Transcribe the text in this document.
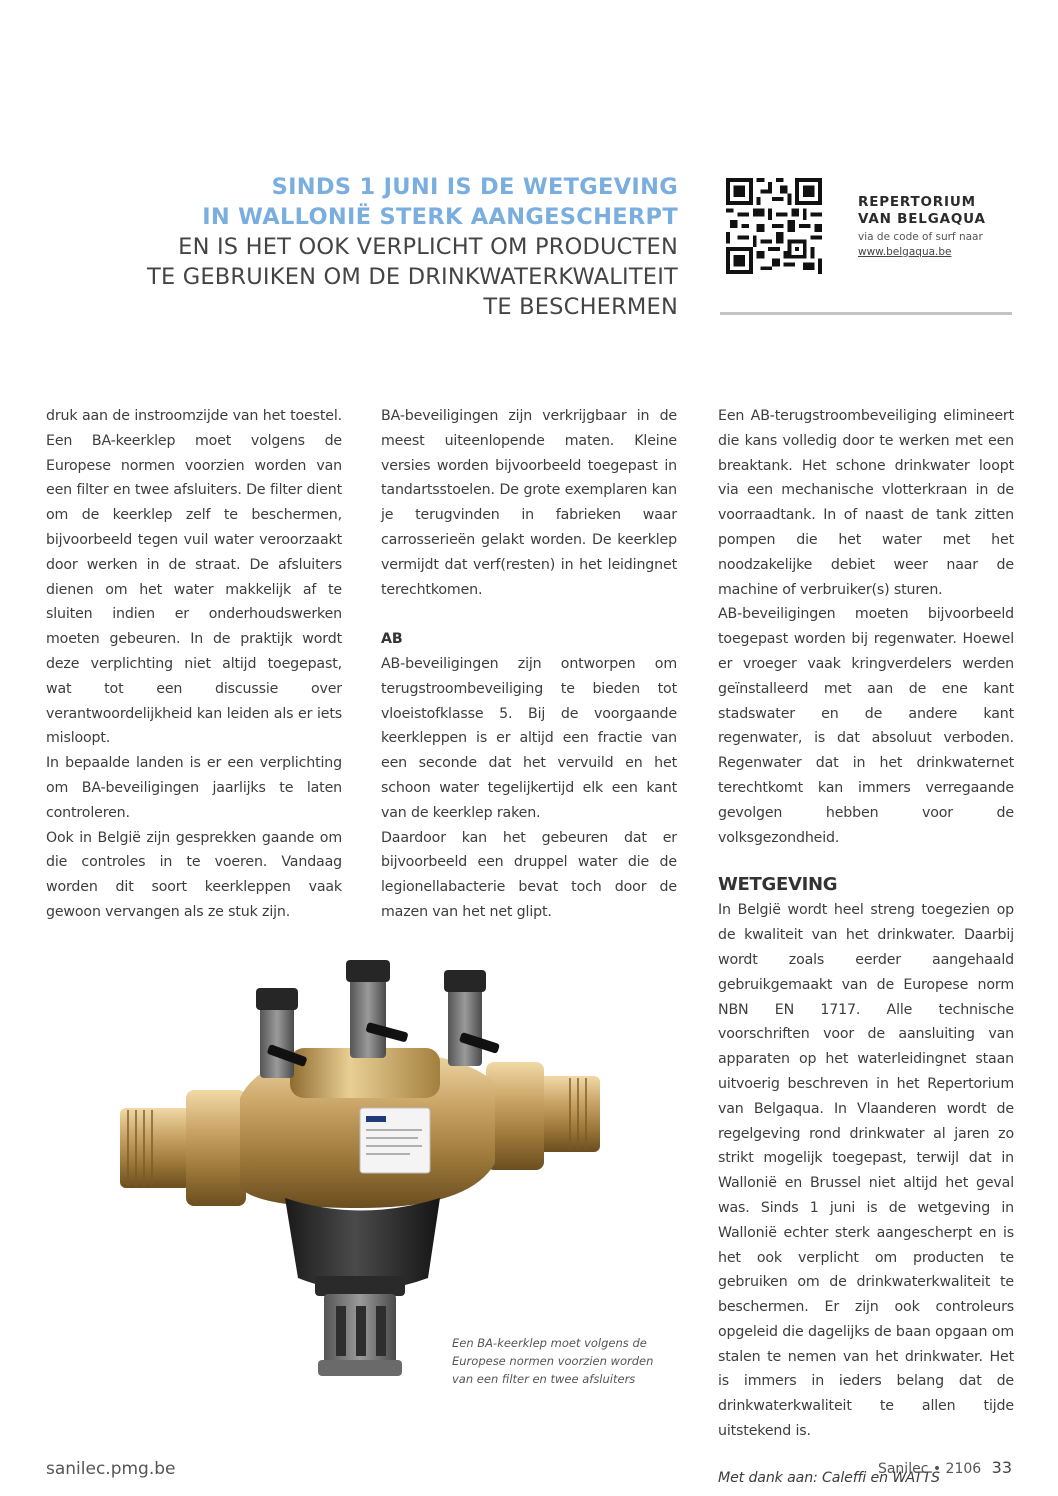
SINDS 1 JUNI IS DE WETGEVING
IN WALLONIË STERK AANGESCHERPT
EN IS HET OOK VERPLICHT OM PRODUCTEN
TE GEBRUIKEN OM DE DRINKWATERKWALITEIT
TE BESCHERMEN
REPERTORIUM
VAN BELGAQUA
via de code of surf naar
www.belgaqua.be

druk aan de instroomzijde van het toestel. Een BA-keerklep moet volgens de Europese normen voorzien worden van een filter en twee afsluiters. De filter dient om de keerklep zelf te beschermen, bijvoorbeeld tegen vuil water veroorzaakt door werken in de straat. De afsluiters dienen om het water makkelijk af te sluiten indien er onderhoudswerken moeten gebeuren. In de praktijk wordt deze verplichting niet altijd toegepast, wat tot een discussie over verantwoordelijkheid kan leiden als er iets misloopt.

In bepaalde landen is er een verplichting om BA-beveiligingen jaarlijks te laten controleren.

Ook in België zijn gesprekken gaande om die controles in te voeren. Vandaag worden dit soort keerkleppen vaak gewoon vervangen als ze stuk zijn.

BA-beveiligingen zijn verkrijgbaar in de meest uiteenlopende maten. Kleine versies worden bijvoorbeeld toegepast in tandartsstoelen. De grote exemplaren kan je terugvinden in fabrieken waar carrosserieën gelakt worden. De keerklep vermijdt dat verf(resten) in het leidingnet terechtkomen.

AB

AB-beveiligingen zijn ontworpen om terugstroombeveiliging te bieden tot vloeistofklasse 5. Bij de voorgaande keerkleppen is er altijd een fractie van een seconde dat het vervuild en het schoon water tegelijkertijd elk een kant van de keerklep raken.

Daardoor kan het gebeuren dat er bijvoorbeeld een druppel water die de legionellabacterie bevat toch door de mazen van het net glipt.

Een AB-terugstroombeveiliging elimineert die kans volledig door te werken met een breaktank. Het schone drinkwater loopt via een mechanische vlotterkraan in de voorraadtank. In of naast de tank zitten pompen die het water met het noodzakelijke debiet weer naar de machine of verbruiker(s) sturen.

AB-beveiligingen moeten bijvoorbeeld toegepast worden bij regenwater. Hoewel er vroeger vaak kringverdelers werden geïnstalleerd met aan de ene kant stadswater en de andere kant regenwater, is dat absoluut verboden. Regenwater dat in het drinkwaternet terechtkomt kan immers verregaande gevolgen hebben voor de volksgezondheid.

WETGEVING

In België wordt heel streng toegezien op de kwaliteit van het drinkwater. Daarbij wordt zoals eerder aangehaald gebruikgemaakt van de Europese norm NBN EN 1717. Alle technische voorschriften voor de aansluiting van apparaten op het waterleidingnet staan uitvoerig beschreven in het Repertorium van Belgaqua. In Vlaanderen wordt de regelgeving rond drinkwater al jaren zo strikt mogelijk toegepast, terwijl dat in Wallonië en Brussel niet altijd het geval was. Sinds 1 juni is de wetgeving in Wallonië echter sterk aangescherpt en is het ook verplicht om producten te gebruiken om de drinkwaterkwaliteit te beschermen. Er zijn ook controleurs opgeleid die dagelijks de baan opgaan om stalen te nemen van het drinkwater. Het is immers in ieders belang dat de drinkwaterkwaliteit te allen tijde uitstekend is.

Met dank aan: Caleffi en WATTS

Een BA-keerklep moet volgens de Europese normen voorzien worden van een filter en twee afsluiters
sanilec.pmg.be	Sanilec • 2106 33
